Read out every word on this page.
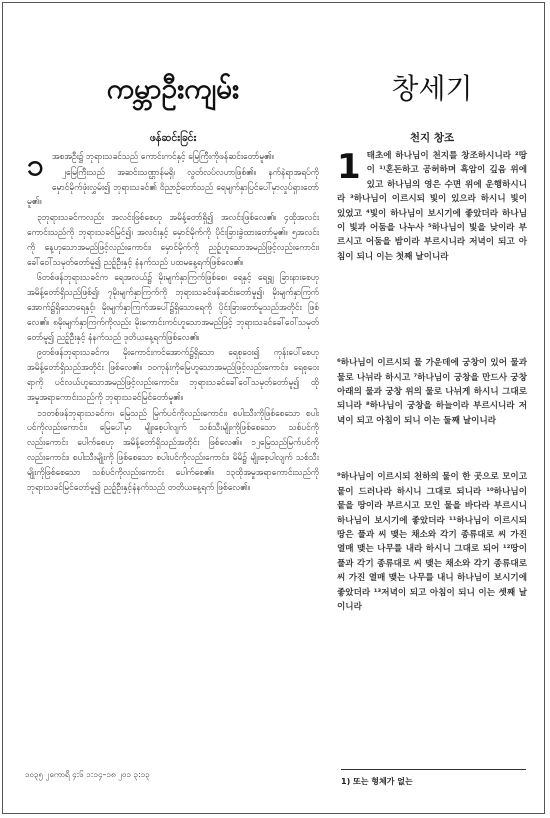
ကမ္ဘာဦးကျမ်း
ဖန်ဆင်းခြင်း
၁ အစအဦး၌ ဘုရားသခင်သည် ကောင်းကင်နှင့် မြေကြီးကိုဖန်ဆင်းတော်မူ၏။

၂မြေကြီးသည် အဆင်းသဏ္ဌာန်မရှိ၊ လွတ်လပ်လဟာဖြစ်၏။ နက်နဲရာအရပ်ကို မှောင်မိုက်ဖုံးလွှမ်း၍ ဘုရားသခင်၏ ဝိညာဉ်တော်သည် ရေမျက်နှာပြင်ပေါ်မှာလှုပ်ရှားတော်မူ၏။

၃ဘုရားသခင်ကလည်း အလင်းဖြစ်စေဟု အမိန့်တော်ရှိ၍ အလင်းဖြစ်လေ၏။ ၄ထိုအလင်းကောင်းသည်ကို ဘုရားသခင်မြင်၍၊ အလင်းနှင့် မှောင်မိုက်ကို ပိုင်းခြားခွဲထားတော်မူ၏။ ၅အလင်းကို နေ့ဟုသောအမည်ဖြင့်လည်းကောင်း၊ မှောင်မိုက်ကို ညဉ့်ဟူသောအမည်ဖြင့်လည်းကောင်း၊ ခေါ်ဝေါ်သမုတ်တော်မူ၍ ညဉ့်ဦးနှင့် နံနက်သည် ပထမနေ့ရက်ဖြစ်လေ၏။

၆တစ်ဖန်ဘုရားသခင်က ရေအလယ်၌ မိုးမျက်နှာကြက်ဖြစ်စေ၊ ရေနှင့် ရေရျှ ခြားနားစေဟု အမိန့်တော်ရှိသည်ဖြစ်၍၊ ၇မိုးမျက်နှာကြက်ကို ဘုရားသခင်ဖန်ဆင်းတော်မူ၍၊ မိုးမျက်နှာကြက်အောက်၌ရှိသောရေနှင့်၊ မိုးမျက်နှာကြက်အပေါ်၌ရှိသောရေကို ပိုင်းခြားတော်မူသည်အတိုင်း ဖြစ်လေ၏။ ၈မိုးမျက်နှာကြက်ကိုလည်း မိုးကောင်းကင်ဟူသောအမည်ဖြင့် ဘုရားသခင်ခေါ်ဝေါ်သမုတ်တော်မူ၍ ညဉ့်ဦးနှင့် နံနက်သည် ဒုတိယနေ့ရက်ဖြစ်လေ၏။

၉တစ်ဖန်ဘုရားသခင်က၊ မိုးကောင်းကင်အောက်၌ရှိသော ရေစုဝေး၍ ကုန်းပေါ်စေဟု အမိန့်တော်ရှိသည်အတိုင်း ဖြစ်လေ၏။ ၁၀ကုန်းကိုမြေဟူသောအမည်ဖြင့်လည်းကောင်း၊ ရေစုဝေးရာကို ပင်လယ်ဟူသောအမည်ဖြင့်လည်းကောင်း၊ ဘုရားသခင်ခေါ်ဝေါ်သမုတ်တော်မူ၍ ထိုအမှုအရာကောင်းသည်ကို ဘုရားသခင်မြင်တော်မူ၏။

၁၁တစ်ဖန်ဘုရားသခင်က၊ မြေသည် မြက်ပင်ကိုလည်းကောင်း၊ စပါးသီးကိုဖြစ်စေသော စပါးပင်ကိုလည်းကောင်း၊ မြေပေါ်မှာ မျိုးစေ့ပါလျက် သစ်သီးမျိုးကိုဖြစ်စေသော သစ်ပင်ကိုလည်းကောင်း ပေါက်စေဟု အမိန့်တော်ရှိသည်အတိုင်း ဖြစ်လေ၏။ ၁၂မြေသည်မြက်ပင်ကိုလည်းကောင်း၊ စပါးသီးမျိုးကို ဖြစ်စေသော စပါးပင်ကိုလည်းကောင်း၊ မိမိ၌ မျိုးစေ့ပါလျက် သစ်သီးမျိုးကိုဖြစ်စေသော သစ်ပင်ကိုလည်းကောင်း ပေါက်စေ၏။ ၁၃ထိုအမှုအရာကောင်းသည်ကို ဘုရားသခင်မြင်တော်မူ၍ ညဉ့်ဦးနှင့်နံနက်သည် တတိယနေ့ရက် ဖြစ်လေ၏။

창세기
천지 창조
1 태초에 하나님이 천지를 창조하시니라 ²땅이 ¹⁾혼돈하고 공허하며 흑암이 깊음 위에 있고 하나님의 영은 수면 위에 운행하시니라 ³하나님이 이르시되 빛이 있으라 하시니 빛이 있었고 ⁴빛이 하나님이 보시기에 좋았더라 하나님이 빛과 어둠을 나누사 ⁵하나님이 빛을 낮이라 부르시고 어둠을 밤이라 부르시니라 저녁이 되고 아침이 되니 이는 첫째 날이니라

⁶하나님이 이르시되 물 가운데에 궁창이 있어 물과 물로 나뉘라 하시고 ⁷하나님이 궁창을 만드사 궁창 아래의 물과 궁창 위의 물로 나뉘게 하시니 그대로 되니라 ⁸하나님이 궁창을 하늘이라 부르시니라 저녁이 되고 아침이 되니 이는 둘째 날이니라

⁹하나님이 이르시되 천하의 물이 한 곳으로 모이고 뭍이 드러나라 하시니 그대로 되니라 ¹⁰하나님이 뭍을 땅이라 부르시고 모인 물을 바다라 부르시니 하나님이 보시기에 좋았더라 ¹¹하나님이 이르시되 땅은 풀과 씨 맺는 채소와 각기 종류대로 씨 가진 열매 맺는 나무를 내라 하시니 그대로 되어 ¹²땅이 풀과 각기 종류대로 씨 맺는 채소와 각기 종류대로 씨 가진 열매 맺는 나무를 내니 하나님이 보시기에 좋았더라 ¹³저녁이 되고 아침이 되니 이는 셋째 날이니라

၁၀၃၅ ၂ကောရိ ၄:၆ ၁:၁၄–၁၈ ၂၀၁ ၃:၁၃
1) 또는 형체가 없는
